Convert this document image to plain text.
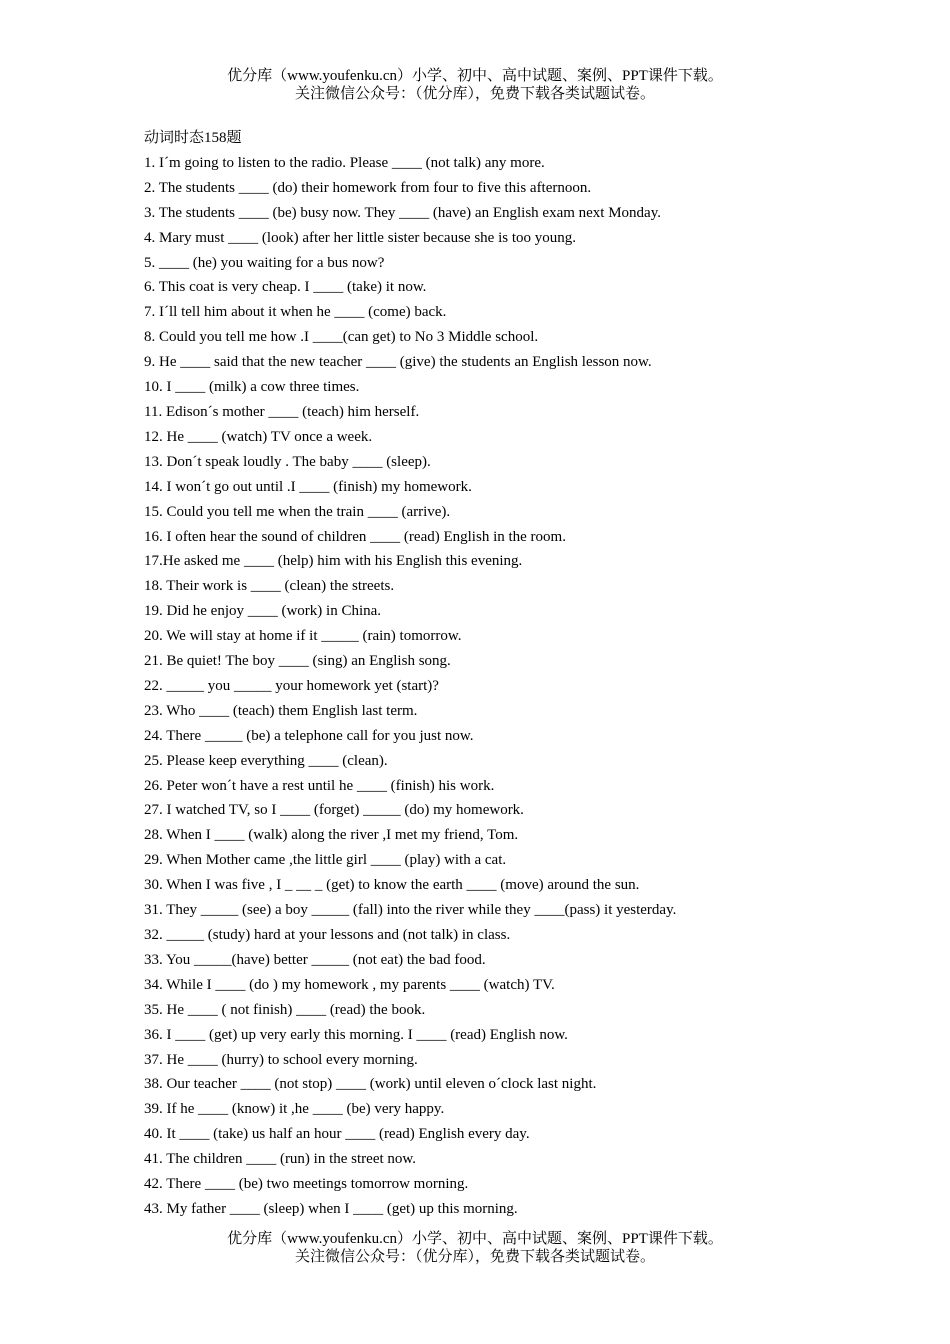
优分库（www.youfenku.cn）小学、初中、高中试题、案例、PPT课件下载。
关注微信公众号：（优分库），免费下载各类试题试卷。
动词时态158题
1. I´m going to listen to the radio. Please ____ (not talk) any more.
2. The students ____ (do) their homework from four to five this afternoon.
3. The students ____ (be) busy now. They ____ (have) an English exam next Monday.
4. Mary must ____ (look) after her little sister because she is too young.
5. ____ (he) you waiting for a bus now?
6. This coat is very cheap. I ____ (take) it now.
7. I´ll tell him about it when he ____ (come) back.
8. Could you tell me how .I ____(can get) to No 3 Middle school.
9. He ____ said that the new teacher ____ (give) the students an English lesson now.
10. I ____ (milk) a cow three times.
11. Edison´s mother ____ (teach) him herself.
12. He ____ (watch) TV once a week.
13. Don´t speak loudly . The baby ____ (sleep).
14. I won´t go out until .I ____ (finish) my homework.
15. Could you tell me when the train ____ (arrive).
16. I often hear the sound of children ____ (read) English in the room.
17.He asked me ____ (help) him with his English this evening.
18. Their work is ____ (clean) the streets.
19. Did he enjoy ____ (work) in China.
20. We will stay at home if it _____ (rain) tomorrow.
21. Be quiet! The boy ____ (sing) an English song.
22. _____ you _____ your homework yet (start)?
23. Who ____ (teach) them English last term.
24. There _____ (be) a telephone call for you just now.
25. Please keep everything ____ (clean).
26. Peter won´t have a rest until he ____ (finish) his work.
27. I watched TV, so I ____ (forget) _____ (do) my homework.
28. When I ____ (walk) along the river ,I met my friend, Tom.
29. When Mother came ,the little girl ____ (play) with a cat.
30. When I was five , I _ __ _ (get) to know the earth ____ (move) around the sun.
31. They _____ (see) a boy _____ (fall) into the river while they ____(pass) it yesterday.
32. _____ (study) hard at your lessons and (not talk) in class.
33. You _____(have) better _____ (not eat) the bad food.
34. While I ____ (do ) my homework , my parents ____ (watch) TV.
35. He ____ ( not finish) ____ (read) the book.
36. I ____ (get) up very early this morning. I ____ (read) English now.
37. He ____ (hurry) to school every morning.
38. Our teacher ____ (not stop) ____ (work) until eleven o´clock last night.
39. If he ____ (know) it ,he ____ (be) very happy.
40. It ____ (take) us half an hour ____ (read) English every day.
41. The children ____ (run) in the street now.
42. There ____ (be) two meetings tomorrow morning.
43. My father ____ (sleep) when I ____ (get) up this morning.
优分库（www.youfenku.cn）小学、初中、高中试题、案例、PPT课件下载。
关注微信公众号：（优分库），免费下载各类试题试卷。
